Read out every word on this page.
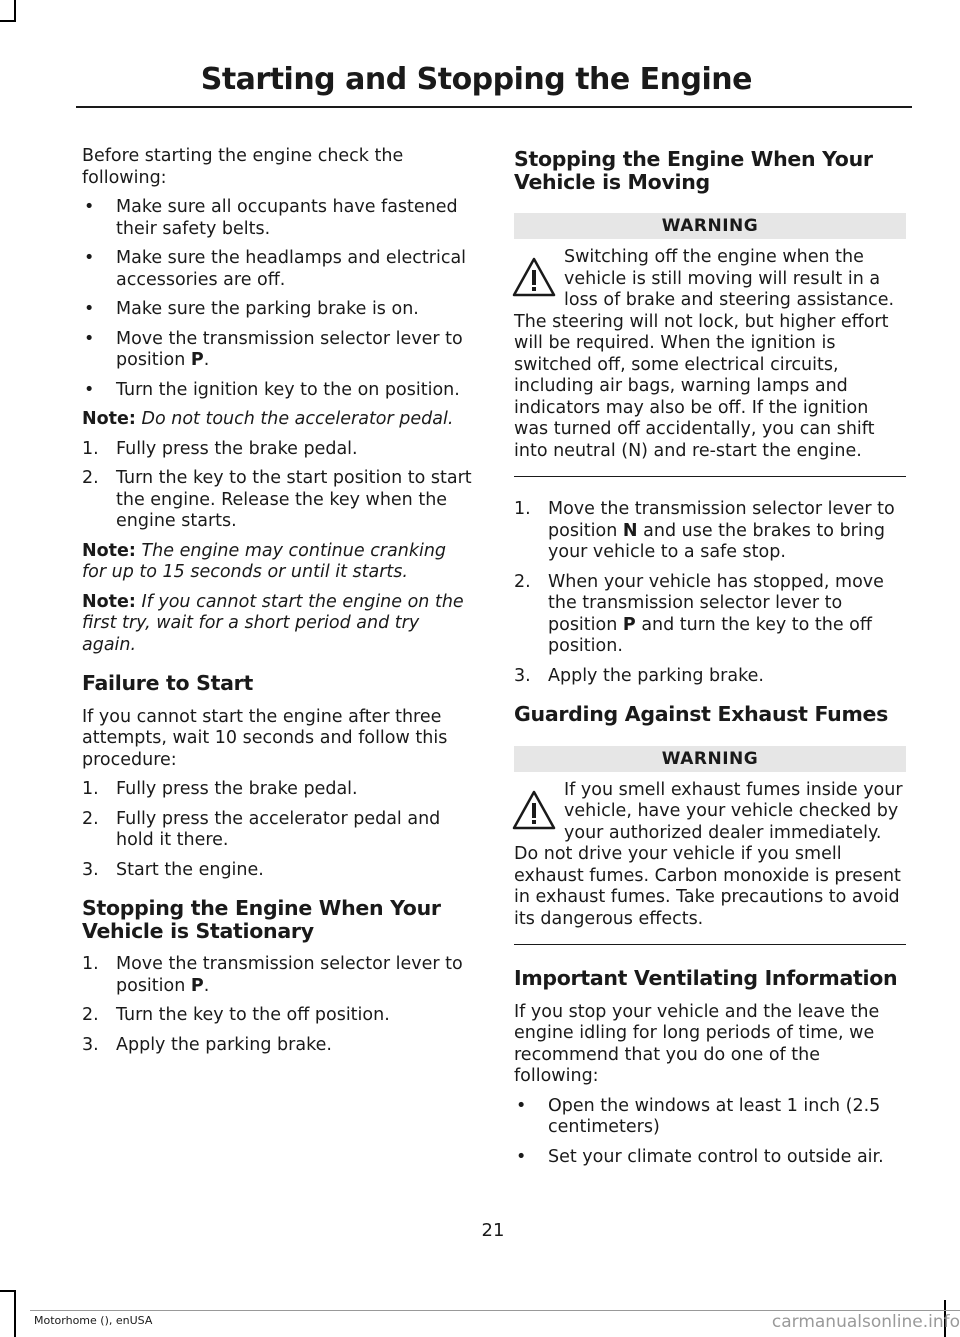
Starting and Stopping the Engine

Before starting the engine check the following:

• Make sure all occupants have fastened their safety belts.
• Make sure the headlamps and electrical accessories are off.
• Make sure the parking brake is on.
• Move the transmission selector lever to position P.
• Turn the ignition key to the on position.

Note: Do not touch the accelerator pedal.

1. Fully press the brake pedal.
2. Turn the key to the start position to start the engine. Release the key when the engine starts.

Note: The engine may continue cranking for up to 15 seconds or until it starts.

Note: If you cannot start the engine on the first try, wait for a short period and try again.

Failure to Start

If you cannot start the engine after three attempts, wait 10 seconds and follow this procedure:

1. Fully press the brake pedal.
2. Fully press the accelerator pedal and hold it there.
3. Start the engine.
Stopping the Engine When Your Vehicle is Stationary
1. Move the transmission selector lever to position P.
2. Turn the key to the off position.
3. Apply the parking brake.
Stopping the Engine When Your Vehicle is Moving
WARNING
Switching off the engine when the vehicle is still moving will result in a loss of brake and steering assistance. The steering will not lock, but higher effort will be required. When the ignition is switched off, some electrical circuits, including air bags, warning lamps and indicators may also be off. If the ignition was turned off accidentally, you can shift into neutral (N) and re-start the engine.
1. Move the transmission selector lever to position N and use the brakes to bring your vehicle to a safe stop.
2. When your vehicle has stopped, move the transmission selector lever to position P and turn the key to the off position.
3. Apply the parking brake.
Guarding Against Exhaust Fumes
WARNING
If you smell exhaust fumes inside your vehicle, have your vehicle checked by your authorized dealer immediately. Do not drive your vehicle if you smell exhaust fumes. Carbon monoxide is present in exhaust fumes. Take precautions to avoid its dangerous effects.
Important Ventilating Information

If you stop your vehicle and the leave the engine idling for long periods of time, we recommend that you do one of the following:

• Open the windows at least 1 inch (2.5 centimeters)
• Set your climate control to outside air.
21
Motorhome (), enUSA	carmanualsonline.info
